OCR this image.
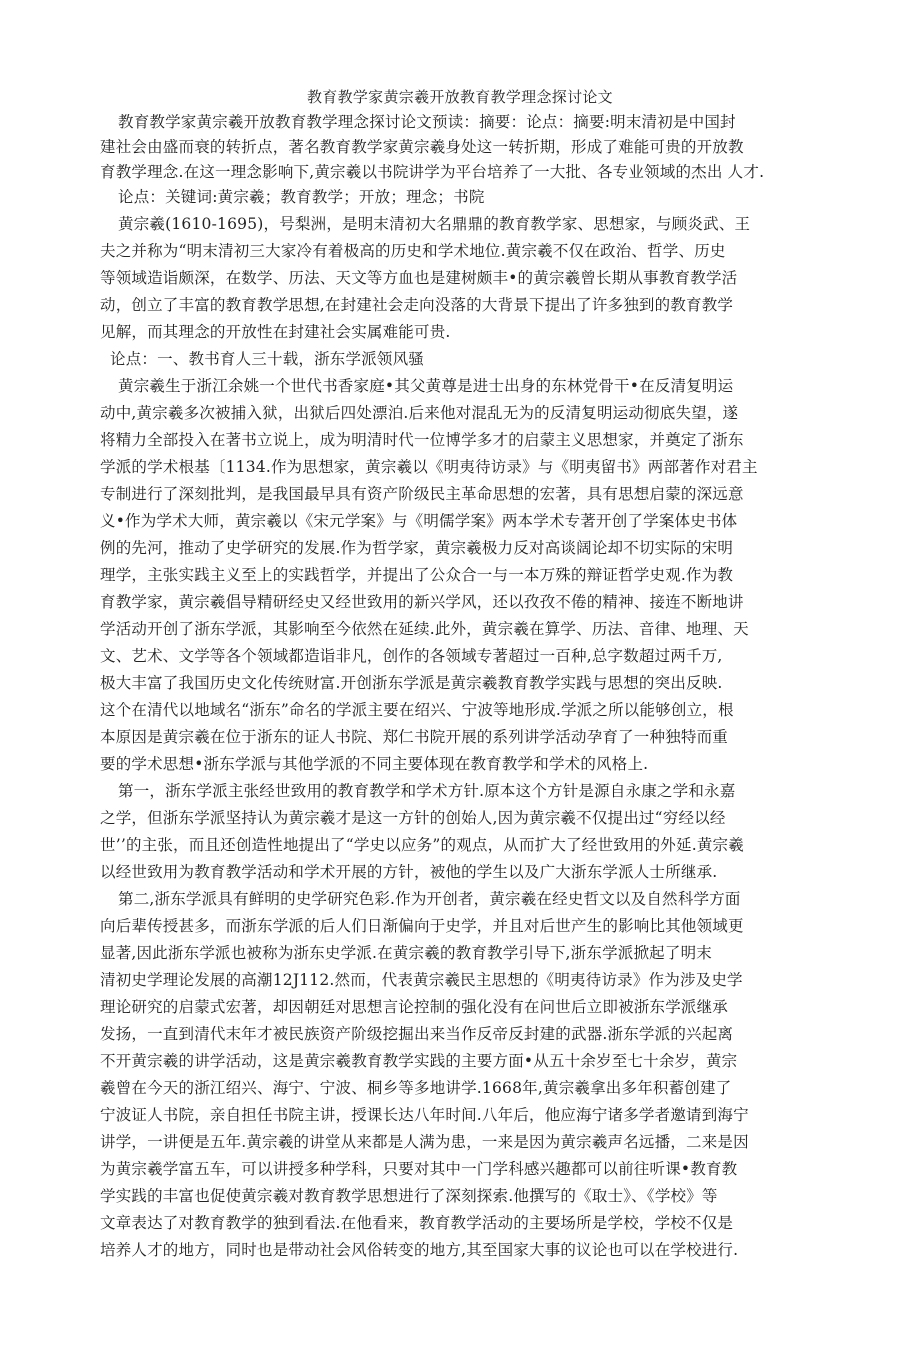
教育教学家黄宗羲开放教育教学理念探讨论文
教育教学家黄宗羲开放教育教学理念探讨论文预读：摘要：论点：摘要:明末清初是中国封
建社会由盛而衰的转折点，著名教育教学家黄宗羲身处这一转折期，形成了难能可贵的开放教
育教学理念.在这一理念影响下,黄宗羲以书院讲学为平台培养了一大批、各专业领域的杰出 人才.
论点：关键词:黄宗羲；教育教学；开放；理念；书院
黄宗羲(1610-1695)，号梨洲，是明末清初大名鼎鼎的教育教学家、思想家，与顾炎武、王
夫之并称为“明末清初三大家冷有着极高的历史和学术地位.黄宗羲不仅在政治、哲学、历史
等领域造诣颇深，在数学、历法、天文等方血也是建树颇丰•的黄宗羲曾长期从事教育教学活
动，创立了丰富的教育教学思想,在封建社会走向没落的大背景下提出了许多独到的教育教学
见解，而其理念的开放性在封建社会实属难能可贵.
论点：一、教书育人三十载，浙东学派领风骚
黄宗羲生于浙江余姚一个世代书香家庭•其父黄尊是进士出身的东林党骨干•在反清复明运
动中,黄宗羲多次被捕入狱，出狱后四处漂泊.后来他对混乱无为的反清复明运动彻底失望，遂
将精力全部投入在著书立说上，成为明清时代一位博学多才的启蒙主义思想家，并奠定了浙东
学派的学术根基〔1134.作为思想家，黄宗羲以《明夷待访录》与《明夷留书》两部著作对君主
专制进行了深刻批判，是我国最早具有资产阶级民主革命思想的宏著，具有思想启蒙的深远意
义•作为学术大师，黄宗羲以《宋元学案》与《明儒学案》两本学术专著开创了学案体史书体
例的先河，推动了史学研究的发展.作为哲学家，黄宗羲极力反对高谈阔论却不切实际的宋明
理学，主张实践主义至上的实践哲学，并提出了公众合一与一本万殊的辩证哲学史观.作为教
育教学家，黄宗羲倡导精研经史又经世致用的新兴学风，还以孜孜不倦的精神、接连不断地讲
学活动开创了浙东学派，其影响至今依然在延续.此外，黄宗羲在算学、历法、音律、地理、天
文、艺术、文学等各个领域都造诣非凡，创作的各领域专著超过一百种,总字数超过两千万,
极大丰富了我国历史文化传统财富.开创浙东学派是黄宗羲教育教学实践与思想的突出反映.
这个在清代以地域名“浙东”命名的学派主要在绍兴、宁波等地形成.学派之所以能够创立，根
本原因是黄宗羲在位于浙东的证人书院、郑仁书院开展的系列讲学活动孕育了一种独特而重
要的学术思想•浙东学派与其他学派的不同主要体现在教育教学和学术的风格上.
第一，浙东学派主张经世致用的教育教学和学术方针.原本这个方针是源自永康之学和永嘉
之学，但浙东学派坚持认为黄宗羲才是这一方针的创始人,因为黄宗羲不仅提出过“穷经以经
世’’的主张，而且还创造性地提出了“学史以应务”的观点，从而扩大了经世致用的外延.黄宗羲
以经世致用为教育教学活动和学术开展的方针，被他的学生以及广大浙东学派人士所继承.
第二,浙东学派具有鲜明的史学研究色彩.作为开创者，黄宗羲在经史哲文以及自然科学方面
向后辈传授甚多，而浙东学派的后人们日渐偏向于史学，并且对后世产生的影响比其他领域更
显著,因此浙东学派也被称为浙东史学派.在黄宗羲的教育教学引导下,浙东学派掀起了明末
清初史学理论发展的高潮12J112.然而，代表黄宗羲民主思想的《明夷待访录》作为涉及史学
理论研究的启蒙式宏著，却因朝廷对思想言论控制的强化没有在问世后立即被浙东学派继承
发扬，一直到清代末年才被民族资产阶级挖掘出来当作反帝反封建的武器.浙东学派的兴起离
不开黄宗羲的讲学活动，这是黄宗羲教育教学实践的主要方面•从五十余岁至七十余岁，黄宗
羲曾在今天的浙江绍兴、海宁、宁波、桐乡等多地讲学.1668年,黄宗羲拿出多年积蓄创建了
宁波证人书院，亲自担任书院主讲，授课长达八年时间.八年后，他应海宁诸多学者邀请到海宁
讲学，一讲便是五年.黄宗羲的讲堂从来都是人满为患，一来是因为黄宗羲声名远播，二来是因
为黄宗羲学富五车，可以讲授多种学科，只要对其中一门学科感兴趣都可以前往听课•教育教
学实践的丰富也促使黄宗羲对教育教学思想进行了深刻探索.他撰写的《取士》、《学校》等
文章表达了对教育教学的独到看法.在他看来，教育教学活动的主要场所是学校，学校不仅是
培养人才的地方，同时也是带动社会风俗转变的地方,其至国家大事的议论也可以在学校进行.
